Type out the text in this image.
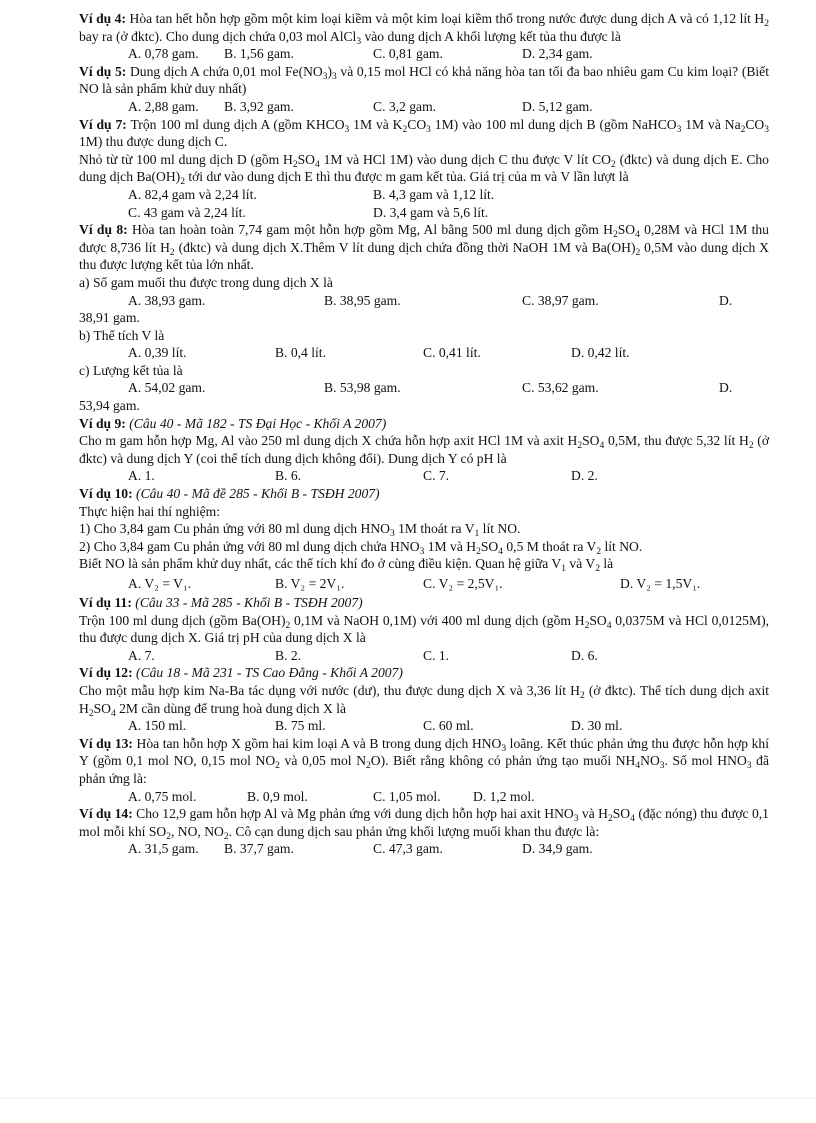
Ví dụ 4: Hòa tan hết hỗn hợp gồm một kim loại kiềm và một kim loại kiềm thổ trong nước được dung dịch A và có 1,12 lít $H_2$ bay ra (ở đktc). Cho dung dịch chứa 0,03 mol AlCl$_3$ vào dung dịch A khối lượng kết tủa thu được là

A. 0,78 gam. B. 1,56 gam.	C. 0,81 gam.	D. 2,34 gam.

Ví dụ 5: Dung dịch A chứa 0,01 mol $Fe(NO_3)_3$ và 0,15 mol HCl có khả năng hòa tan tối đa bao nhiêu gam Cu kim loại? (Biết NO là sản phẩm khử duy nhất)

A. 2,88 gam. B. 3,92 gam.	C. 3,2 gam.	D. 5,12 gam.

Ví dụ 7: Trộn 100 ml dung dịch A (gồm $KHCO_3$ 1M và $K_2CO_3$ 1M) vào 100 ml dung dịch B (gồm NaHCO$_3$ 1M và $Na_2CO_3$ 1M) thu được dung dịch C.

Nhỏ từ từ 100 ml dung dịch D (gồm $H_2SO_4$ 1M và HCl 1M) vào dung dịch C thu được V lít $CO_2$ (đktc) và dung dịch E. Cho dung dịch $Ba(OH)_2$ tới dư vào dung dịch E thì thu được m gam kết tủa. Giá trị của m và V lần lượt là

A. 82,4 gam và 2,24 lít.	B. 4,3 gam và 1,12 lít.
C. 43 gam và 2,24 lít.	D. 3,4 gam và 5,6 lít.

Ví dụ 8: Hòa tan hoàn toàn 7,74 gam một hỗn hợp gồm Mg, Al bằng 500 ml dung dịch gồm $H_2SO_4$ 0,28M và HCl 1M thu được 8,736 lít $H_2$ (đktc) và dung dịch X.Thêm V lít dung dịch chứa đồng thời NaOH 1M và $Ba(OH)_2$ 0,5M vào dung dịch X thu được lượng kết tủa lớn nhất.

a) Số gam muối thu được trong dung dịch X là

A. 38,93 gam.	B. 38,95 gam.	C. 38,97 gam.	D.

38,91 gam.

b) Thể tích V là

A. 0,39 lít.	B. 0,4 lít.	C. 0,41 lít.	D. 0,42 lít.

c) Lượng kết tủa là

A. 54,02 gam.	B. 53,98 gam.	C. 53,62 gam.	D.

53,94 gam.

Ví dụ 9: (Câu 40 - Mã 182 - TS Đại Học - Khối A 2007)

Cho m gam hỗn hợp Mg, Al vào 250 ml dung dịch X chứa hỗn hợp axit HCl 1M và axit $H_2SO_4$ 0,5M, thu được 5,32 lít $H_2$ (ở đktc) và dung dịch Y (coi thể tích dung dịch không đổi). Dung dịch Y có pH là

A. 1.	B. 6.	C. 7.	D. 2.

Ví dụ 10: (Câu 40 - Mã đề 285 - Khối B - TSĐH 2007)

Thực hiện hai thí nghiệm:

1) Cho 3,84 gam Cu phản ứng với 80 ml dung dịch $HNO_3$ 1M thoát ra $V_1$ lít NO.

2) Cho 3,84 gam Cu phản ứng với 80 ml dung dịch chứa $HNO_3$ 1M và $H_2SO_4$ 0,5 M thoát ra $V_2$ lít NO.

Biết NO là sản phẩm khử duy nhất, các thể tích khí đo ở cùng điều kiện. Quan hệ giữa $V_1$ và $V_2$ là

A. V₂ = V₁.	B. V₂ = 2V₁.	C. V₂ = 2,5V₁.	D. V₂ = 1,5V₁.

Ví dụ 11: (Câu 33 - Mã 285 - Khối B - TSĐH 2007)

Trộn 100 ml dung dịch (gồm $Ba(OH)_2$ 0,1M và NaOH 0,1M) với 400 ml dung dịch (gồm $H_2SO_4$ 0,0375M và HCl 0,0125M), thu được dung dịch X. Giá trị pH của dung dịch X là

A. 7.	B. 2.	C. 1.	D. 6.

Ví dụ 12: (Câu 18 - Mã 231 - TS Cao Đẳng - Khối A 2007)

Cho một mẫu hợp kim Na-Ba tác dụng với nước (dư), thu được dung dịch X và 3,36 lít $H_2$ (ở đktc). Thể tích dung dịch axit $H_2SO_4$ 2M cần dùng để trung hoà dung dịch X là

A. 150 ml.	B. 75 ml.	C. 60 ml.	D. 30 ml.

Ví dụ 13: Hòa tan hỗn hợp X gồm hai kim loại A và B trong dung dịch $HNO_3$ loãng. Kết thúc phản ứng thu được hỗn hợp khí Y (gồm 0,1 mol NO, 0,15 mol $NO_2$ và 0,05 mol $N_2O$). Biết rằng không có phản ứng tạo muối $NH_4NO_3$. Số mol $HNO_3$ đã phản ứng là:

A. 0,75 mol.	B. 0,9 mol.	C. 1,05 mol. D. 1,2 mol.

Ví dụ 14: Cho 12,9 gam hỗn hợp Al và Mg phản ứng với dung dịch hỗn hợp hai axit $HNO_3$ và $H_2SO_4$ (đặc nóng) thu được 0,1 mol mỗi khí $SO_2$, NO, $NO_2$. Cô cạn dung dịch sau phản ứng khối lượng muối khan thu được là:

A. 31,5 gam. B. 37,7 gam.	C. 47,3 gam.	D. 34,9 gam.
